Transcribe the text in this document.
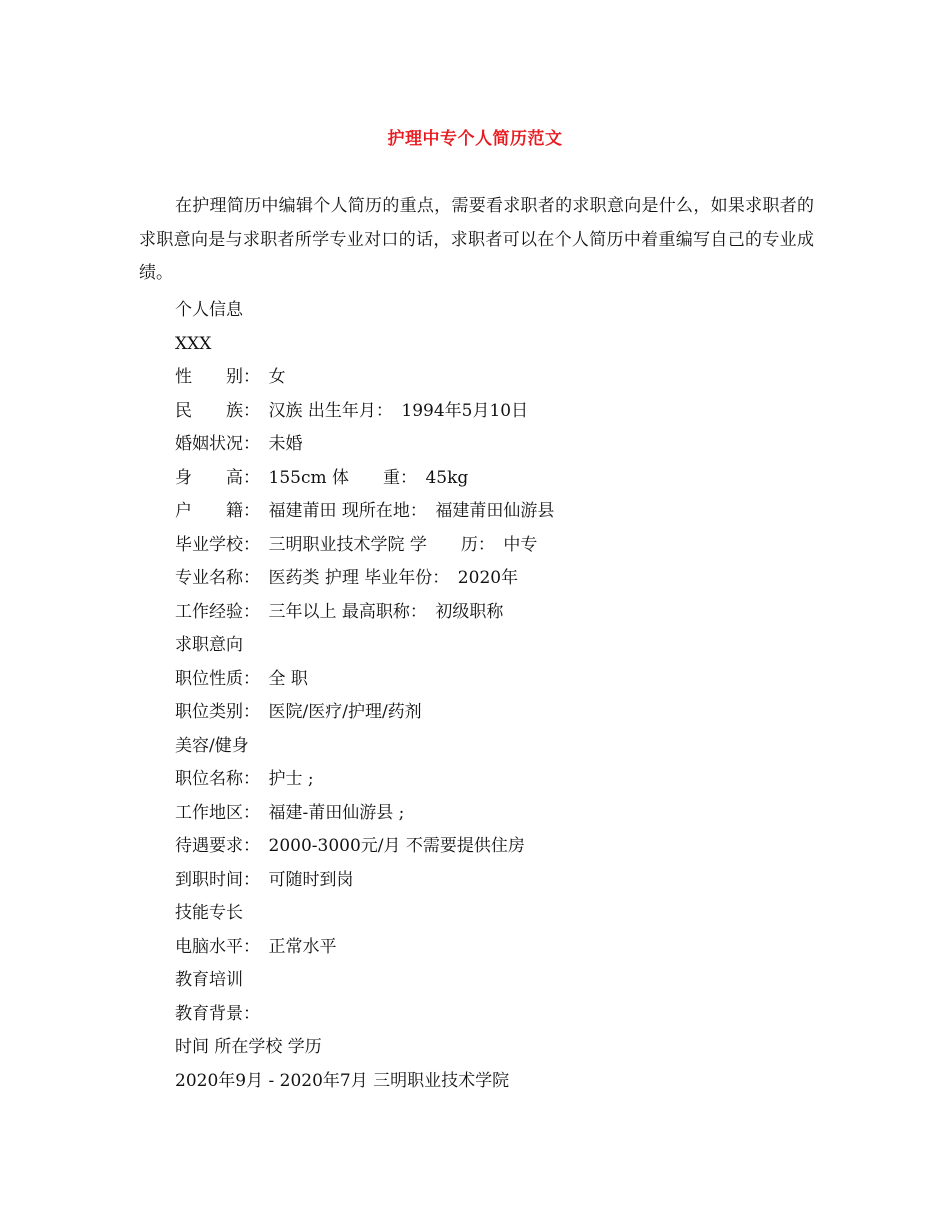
护理中专个人简历范文

在护理简历中编辑个人简历的重点，需要看求职者的求职意向是什么，如果求职者的求职意向是与求职者所学专业对口的话，求职者可以在个人简历中着重编写自己的专业成绩。

个人信息
XXX
性　　别：　女
民　　族：　汉族 出生年月：　1994年5月10日
婚姻状况：　未婚
身　　高：　155cm 体　　重：　45kg
户　　籍：　福建莆田 现所在地：　福建莆田仙游县
毕业学校：　三明职业技术学院 学　　历：　中专
专业名称：　医药类 护理 毕业年份：　2020年
工作经验：　三年以上 最高职称：　初级职称
求职意向
职位性质：　全 职
职位类别：　医院/医疗/护理/药剂
美容/健身
职位名称：　护士 ;
工作地区：　福建-莆田仙游县 ;
待遇要求：　2000-3000元/月 不需要提供住房
到职时间：　可随时到岗
技能专长
电脑水平：　正常水平
教育培训
教育背景：
时间 所在学校 学历
2020年9月 - 2020年7月 三明职业技术学院
